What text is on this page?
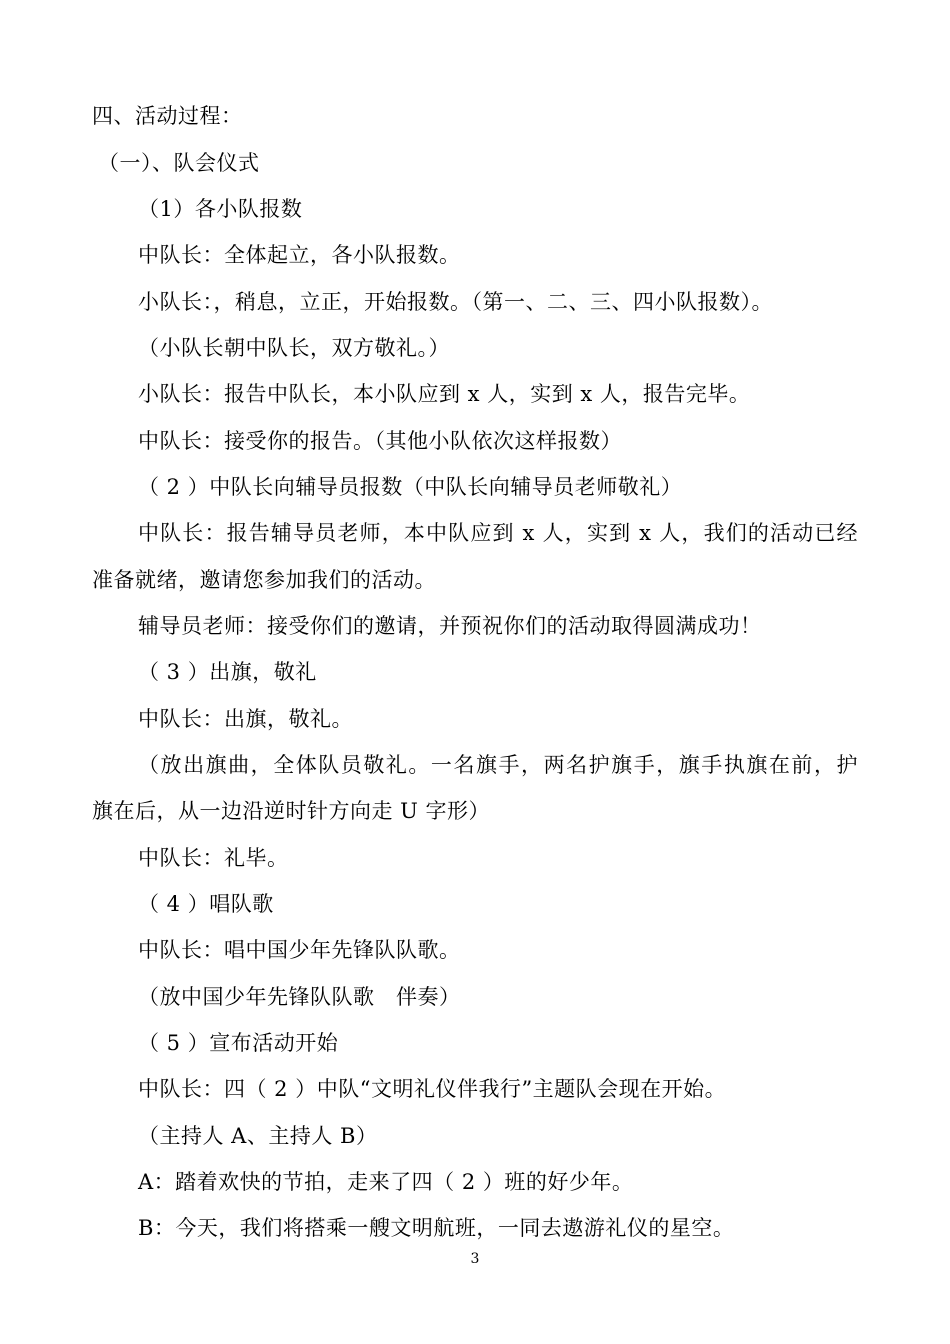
四、活动过程：
（一）、队会仪式
（1）各小队报数
中队长：全体起立，各小队报数。
小队长：，稍息，立正，开始报数。（第一、二、三、四小队报数）。
（小队长朝中队长，双方敬礼。）
小队长：报告中队长，本小队应到 x 人，实到 x 人，报告完毕。
中队长：接受你的报告。（其他小队依次这样报数）
（ 2 ）中队长向辅导员报数（中队长向辅导员老师敬礼）
中队长：报告辅导员老师，本中队应到 x 人，实到 x 人，我们的活动已经
准备就绪，邀请您参加我们的活动。
辅导员老师：接受你们的邀请，并预祝你们的活动取得圆满成功！
（ 3 ）出旗，敬礼
中队长：出旗，敬礼。
（放出旗曲，全体队员敬礼。一名旗手，两名护旗手，旗手执旗在前，护
旗在后，从一边沿逆时针方向走 U 字形）
中队长：礼毕。
（ 4 ）唱队歌
中队长：唱中国少年先锋队队歌。
（放中国少年先锋队队歌　伴奏）
（ 5 ）宣布活动开始
中队长：四（ 2 ）中队“文明礼仪伴我行”主题队会现在开始。
（主持人 A、主持人 B）
A：踏着欢快的节拍，走来了四（ 2 ）班的好少年。
B：今天，我们将搭乘一艘文明航班，一同去遨游礼仪的星空。
3
